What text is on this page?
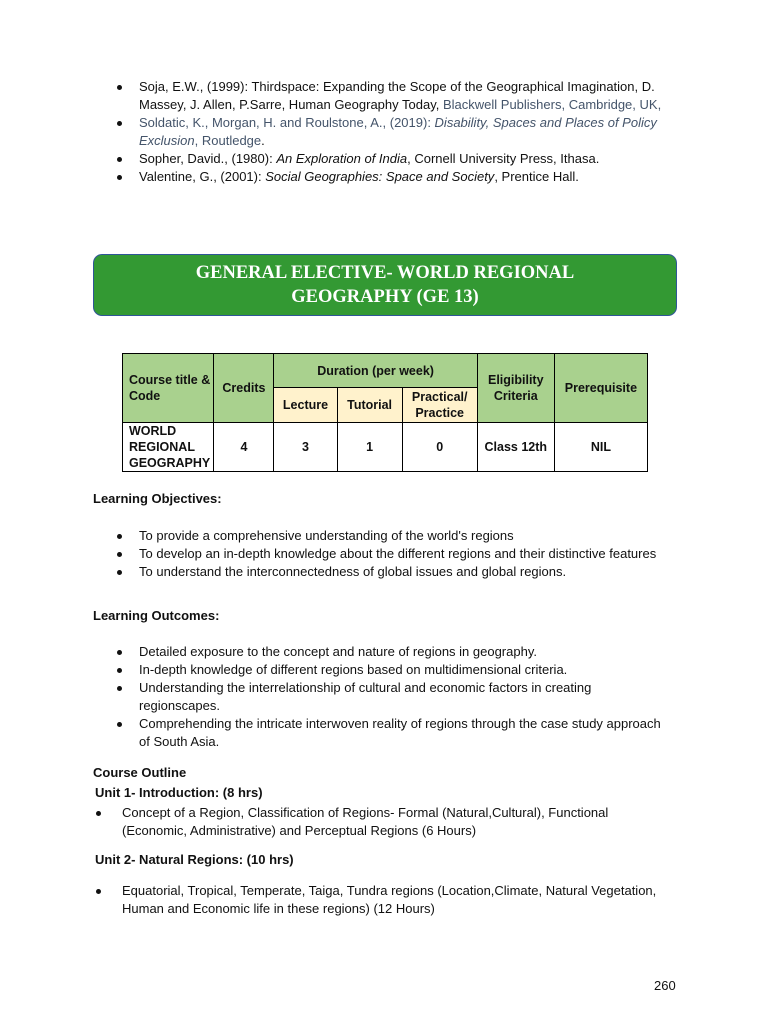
Soja, E.W., (1999): Thirdspace: Expanding the Scope of the Geographical Imagination, D. Massey, J. Allen, P.Sarre, Human Geography Today, Blackwell Publishers, Cambridge, UK,
Soldatic, K., Morgan, H. and Roulstone, A., (2019): Disability, Spaces and Places of Policy Exclusion, Routledge.
Sopher, David., (1980): An Exploration of India, Cornell University Press, Ithasa.
Valentine, G., (2001): Social Geographies: Space and Society, Prentice Hall.
GENERAL ELECTIVE- WORLD REGIONAL
GEOGRAPHY (GE 13)
Course title & Code	Credits	Duration (per week)			Eligibility Criteria	Prerequisite
		Lecture	Tutorial	Practical/ Practice		
WORLD REGIONAL GEOGRAPHY	4	3	1	0	Class 12th	NIL
Learning Objectives:
To provide a comprehensive understanding of the world's regions
To develop an in-depth knowledge about the different regions and their distinctive features
To understand the interconnectedness of global issues and global regions.
Learning Outcomes:
Detailed exposure to the concept and nature of regions in geography.
In-depth knowledge of different regions based on multidimensional criteria.
Understanding the interrelationship of cultural and economic factors in creating regionscapes.
Comprehending the intricate interwoven reality of regions through the case study approach of South Asia.
Course Outline
Unit 1- Introduction: (8 hrs)
Concept of a Region, Classification of Regions- Formal (Natural,Cultural), Functional (Economic, Administrative) and Perceptual Regions (6 Hours)
Unit 2- Natural Regions: (10 hrs)
Equatorial, Tropical, Temperate, Taiga, Tundra regions (Location,Climate, Natural Vegetation, Human and Economic life in these regions) (12 Hours)
260
